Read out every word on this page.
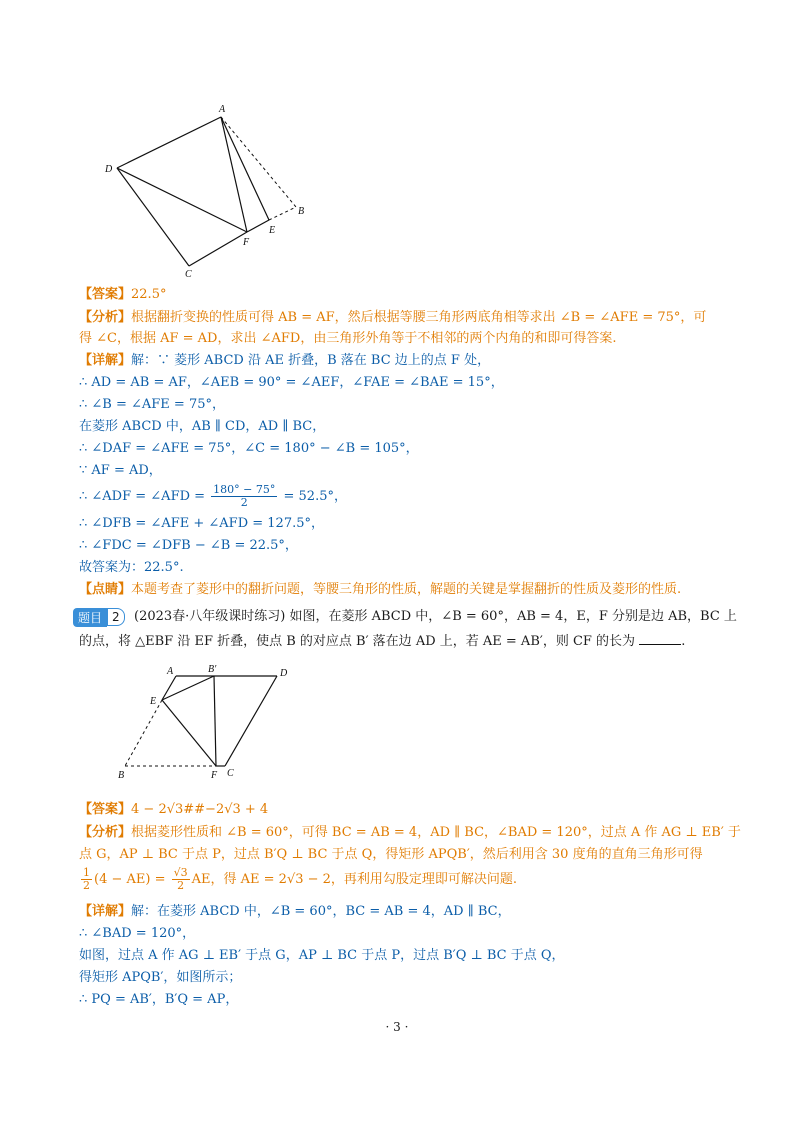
A
D
B
E
F
C
【答案】22.5°
【分析】根据翻折变换的性质可得 AB = AF，然后根据等腰三角形两底角相等求出 ∠B = ∠AFE = 75°，可
得 ∠C，根据 AF = AD，求出 ∠AFD，由三角形外角等于不相邻的两个内角的和即可得答案.
【详解】解：∵ 菱形 ABCD 沿 AE 折叠，B 落在 BC 边上的点 F 处，
∴ AD = AB = AF，∠AEB = 90° = ∠AEF，∠FAE = ∠BAE = 15°，
∴ ∠B = ∠AFE = 75°，
在菱形 ABCD 中，AB ∥ CD，AD ∥ BC，
∴ ∠DAF = ∠AFE = 75°，∠C = 180° − ∠B = 105°，
∵ AF = AD，
∴ ∠ADF = ∠AFD = $\frac{180^\circ - 75^\circ}{2} = 52.5^\circ$，
∴ ∠DFB = ∠AFE + ∠AFD = 127.5°，
∴ ∠FDC = ∠DFB − ∠B = 22.5°，
故答案为：22.5°.
【点睛】本题考查了菱形中的翻折问题，等腰三角形的性质，解题的关键是掌握翻折的性质及菱形的性质.
题目 2	(2023春·八年级课时练习) 如图，在菱形 ABCD 中，∠B = 60°，AB = 4，E，F 分别是边 AB，BC 上
的点，将 △EBF 沿 EF 折叠，使点 B 的对应点 B′ 落在边 AD 上，若 AE = AB′，则 CF 的长为	.
A	B′	D
E
B	F C
【答案】4 − 2√3##−2√3 + 4
【分析】根据菱形性质和 ∠B = 60°，可得 BC = AB = 4，AD ∥ BC，∠BAD = 120°，过点 A 作 AG ⊥ EB′ 于
点 G，AP ⊥ BC 于点 P，过点 B′Q ⊥ BC 于点 Q，得矩形 APQB′，然后利用含 30 度角的直角三角形可得
$\frac{1}{2} (4 - AE) = \frac{√3}{2}$ AE，得 AE = 2√3 − 2，再利用勾股定理即可解决问题.
【详解】解：在菱形 ABCD 中，∠B = 60°，BC = AB = 4，AD ∥ BC，
∴ ∠BAD = 120°，
如图，过点 A 作 AG ⊥ EB′ 于点 G，AP ⊥ BC 于点 P，过点 B′Q ⊥ BC 于点 Q，
得矩形 APQB′，如图所示；
∴ PQ = AB′，B′Q = AP，
· 3 ·
